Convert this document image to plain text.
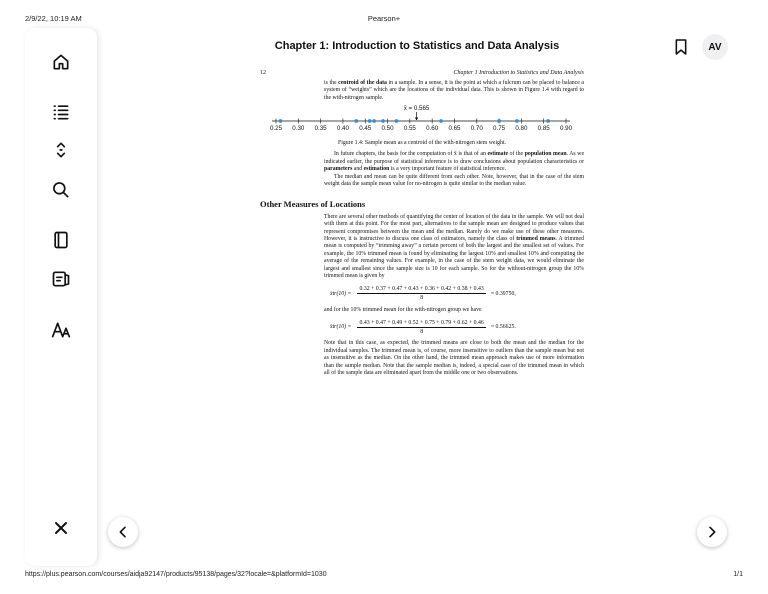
2/9/22, 10:19 AM	Pearson+
Chapter 1: Introduction to Statistics and Data Analysis	AV
12	Chapter 1 Introduction to Statistics and Data Analysis

is the centroid of the data in a sample. In a sense, it is the point at which a fulcrum can be placed to balance a system of “weights” which are the locations of the individual data. This is shown in Figure 1.4 with regard to the with-nitrogen sample.

0.25 0.30 0.35 0.40 0.45 0.50 0.55 0.60 0.65 0.70 0.75 0.80 0.85 0.90
x̄ = 0.565
Figure 1.4: Sample mean as a centroid of the with-nitrogen stem weight.

In future chapters, the basis for the computation of x̄ is that of an estimate of the population mean. As we indicated earlier, the purpose of statistical inference is to draw conclusions about population characteristics or parameters and estimation is a very important feature of statistical inference.

The median and mean can be quite different from each other. Note, however, that in the case of the stem weight data the sample mean value for no-nitrogen is quite similar to the median value.

Other Measures of Locations

There are several other methods of quantifying the center of location of the data in the sample. We will not deal with them at this point. For the most part, alternatives to the sample mean are designed to produce values that represent compromises between the mean and the median. Rarely do we make use of these other measures. However, it is instructive to discuss one class of estimators, namely the class of trimmed means. A trimmed mean is computed by “trimming away” a certain percent of both the largest and the smallest set of values. For example, the 10% trimmed mean is found by eliminating the largest 10% and smallest 10% and computing the average of the remaining values. For example, in the case of the stem weight data, we would eliminate the largest and smallest since the sample size is 10 for each sample. So for the without-nitrogen group the 10% trimmed mean is given by

x̄tr(10) = $\frac{0.32 + 0.37 + 0.47 + 0.43 + 0.36 + 0.42 + 0.38 + 0.43}{8} = 0.39750$,

and for the 10% trimmed mean for the with-nitrogen group we have

x̄tr(10) = $\frac{0.43 + 0.47 + 0.49 + 0.52 + 0.75 + 0.79 + 0.62 + 0.46}{8} = 0.56625$.

Note that in this case, as expected, the trimmed means are close to both the mean and the median for the individual samples. The trimmed mean is, of course, more insensitive to outliers than the sample mean but not as insensitive as the median. On the other hand, the trimmed mean approach makes use of more information than the sample median. Note that the sample median is, indeed, a special case of the trimmed mean in which all of the sample data are eliminated apart from the middle one or two observations.

https://plus.pearson.com/courses/aidja92147/products/95138/pages/32?locale=&platformId=1030	1/1
